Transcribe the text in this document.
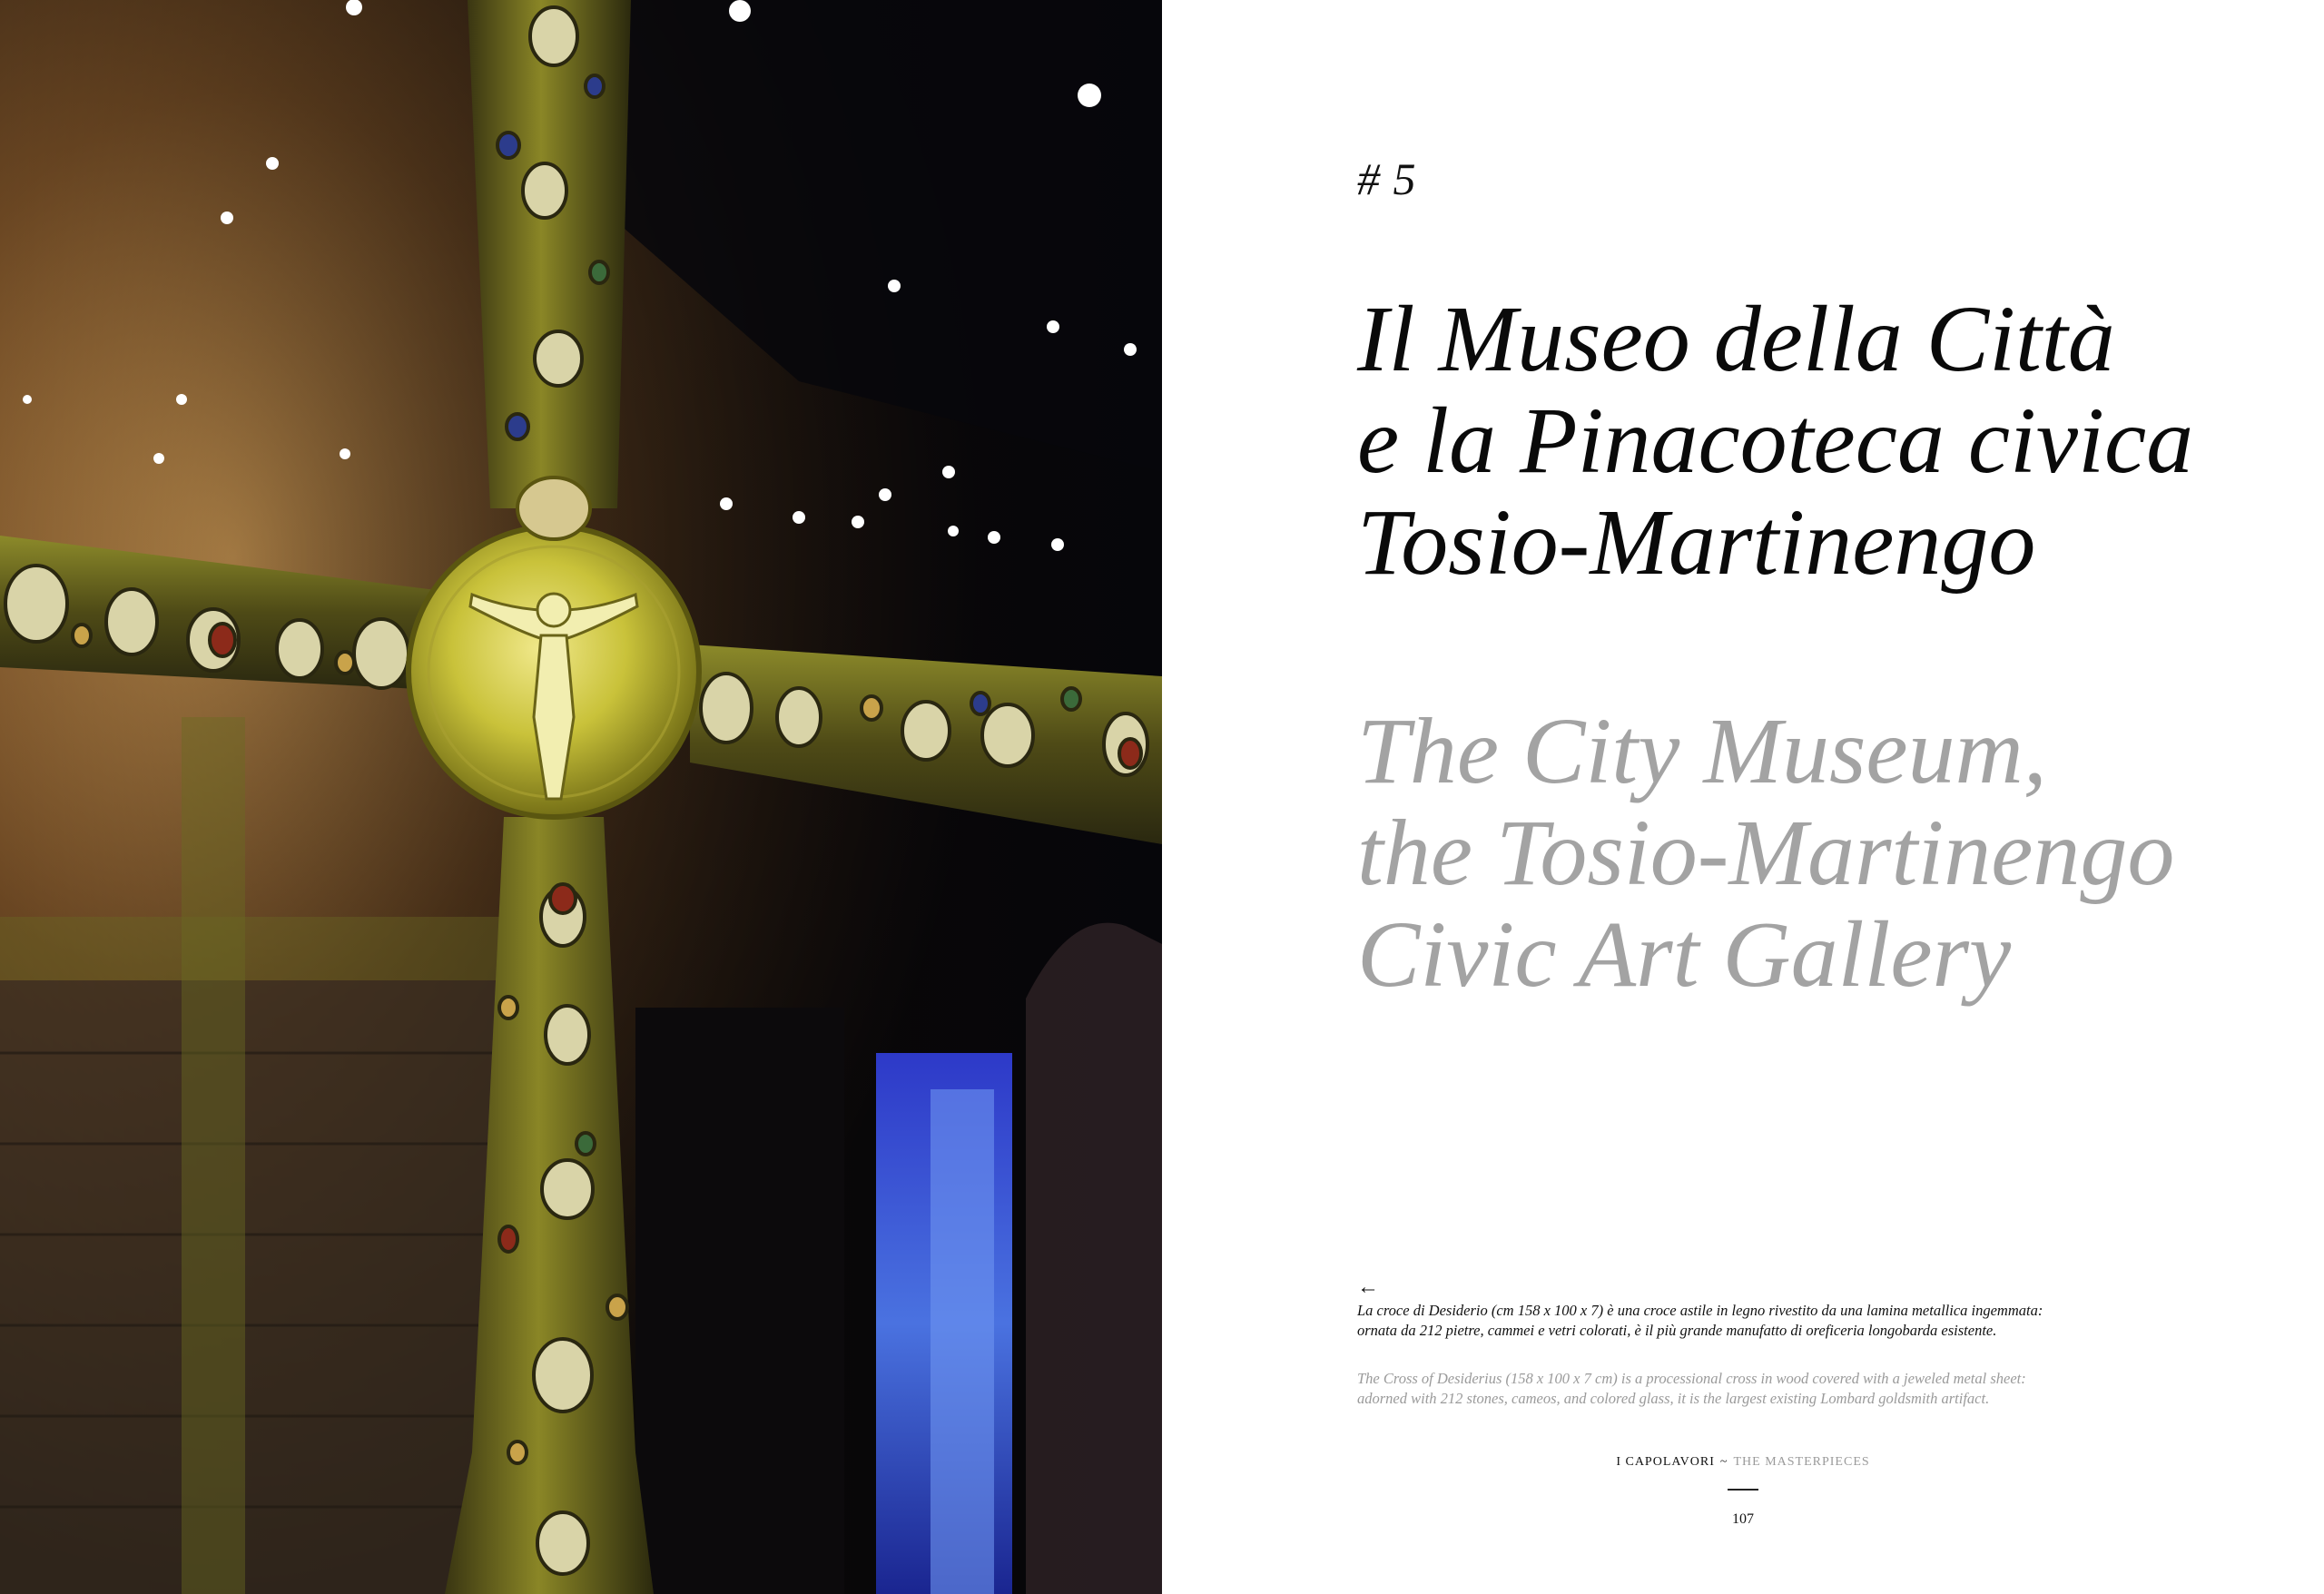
# 5
Il Museo della Città
e la Pinacoteca civica
Tosio-Martinengo
The City Museum,
the Tosio-Martinengo
Civic Art Gallery
←
La croce di Desiderio (cm 158 x 100 x 7) è una croce astile in legno rivestito da una lamina metallica ingemmata:
ornata da 212 pietre, cammei e vetri colorati, è il più grande manufatto di oreficeria longobarda esistente.
The Cross of Desiderius (158 x 100 x 7 cm) is a processional cross in wood covered with a jeweled metal sheet:
adorned with 212 stones, cameos, and colored glass, it is the largest existing Lombard goldsmith artifact.
I CAPOLAVORI ~ THE MASTERPIECES
107
